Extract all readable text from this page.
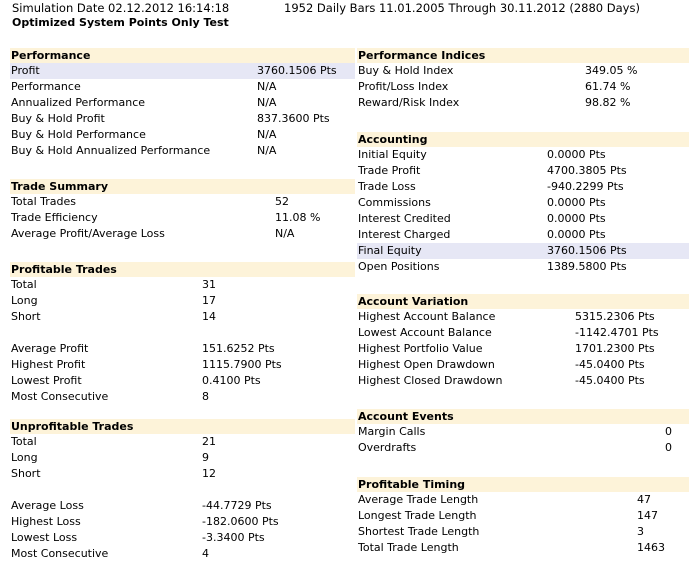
Simulation Date 02.12.2012 16:14:18	1952 Daily Bars 11.01.2005 Through 30.11.2012 (2880 Days)
Optimized System Points Only Test
Performance
Profit	3760.1506 Pts
Performance	N/A
Annualized Performance	N/A
Buy & Hold Profit	837.3600 Pts
Buy & Hold Performance	N/A
Buy & Hold Annualized Performance	N/A
Trade Summary
Total Trades	52
Trade Efficiency	11.08 %
Average Profit/Average Loss	N/A
Profitable Trades
Total	31
Long	17
Short	14
Average Profit	151.6252 Pts
Highest Profit	1115.7900 Pts
Lowest Profit	0.4100 Pts
Most Consecutive	8
Unprofitable Trades
Total	21
Long	9
Short	12
Average Loss	-44.7729 Pts
Highest Loss	-182.0600 Pts
Lowest Loss	-3.3400 Pts
Most Consecutive	4
Performance Indices
Buy & Hold Index	349.05 %
Profit/Loss Index	61.74 %
Reward/Risk Index	98.82 %
Accounting
Initial Equity	0.0000 Pts
Trade Profit	4700.3805 Pts
Trade Loss	-940.2299 Pts
Commissions	0.0000 Pts
Interest Credited	0.0000 Pts
Interest Charged	0.0000 Pts
Final Equity	3760.1506 Pts
Open Positions	1389.5800 Pts
Account Variation
Highest Account Balance	5315.2306 Pts
Lowest Account Balance	-1142.4701 Pts
Highest Portfolio Value	1701.2300 Pts
Highest Open Drawdown	-45.0400 Pts
Highest Closed Drawdown	-45.0400 Pts
Account Events
Margin Calls	0
Overdrafts	0
Profitable Timing
Average Trade Length	47
Longest Trade Length	147
Shortest Trade Length	3
Total Trade Length	1463
